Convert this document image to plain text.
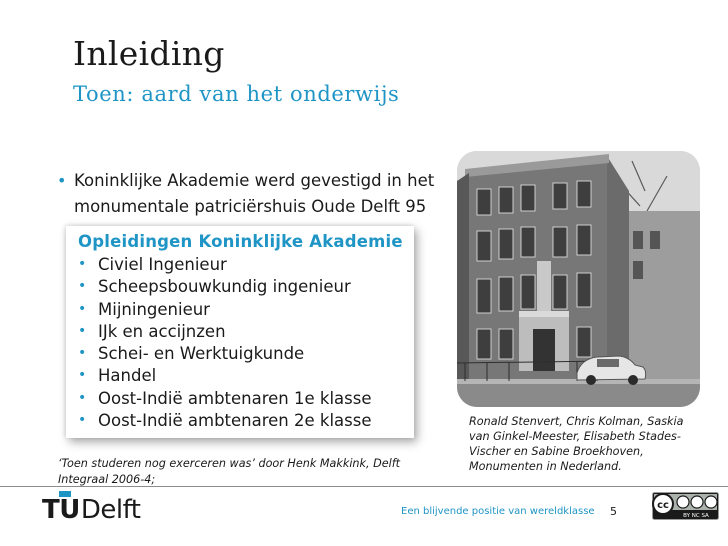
Inleiding
Toen: aard van het onderwijs
• Koninklijke Akademie werd gevestigd in het monumentale patriciërshuis Oude Delft 95
Opleidingen Koninklijke Akademie
• Civiel Ingenieur
• Scheepsbouwkundig ingenieur
• Mijningenieur
• IJk en accijnzen
• Schei- en Werktuigkunde
• Handel
• Oost-Indië ambtenaren 1e klasse
• Oost-Indië ambtenaren 2e klasse	Ronald Stenvert, Chris Kolman, Saskia van Ginkel-Meester, Elisabeth Stades-Vischer en Sabine Broekhoven, Monumenten in Nederland.
‘Toen studeren nog exerceren was’ door Henk Makkink, Delft Integraal 2006-4;
TUDelft	Een blijvende positie van wereldklasse 5	cc
BY NC SA
